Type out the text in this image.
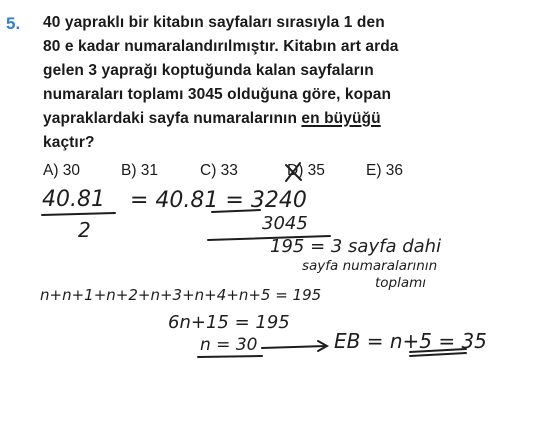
5. 40 yapraklı bir kitabın sayfaları sırasıyla 1 den
80 e kadar numaralandırılmıştır. Kitabın art arda
gelen 3 yaprağı koptuğunda kalan sayfaların
numaraları toplamı 3045 olduğuna göre, kopan
yapraklardaki sayfa numaralarının en büyüğü
kaçtır?
A) 30	B) 31	C) 33	D) 35	E) 36
40.81
2
= 40.81 = 3240
3045
195 = 3 sayfa dahi
sayfa numaralarının
toplamı
n+n+1+n+2+n+3+n+4+n+5 = 195
6n+15 = 195
n = 30	EB = n+5 = 35
